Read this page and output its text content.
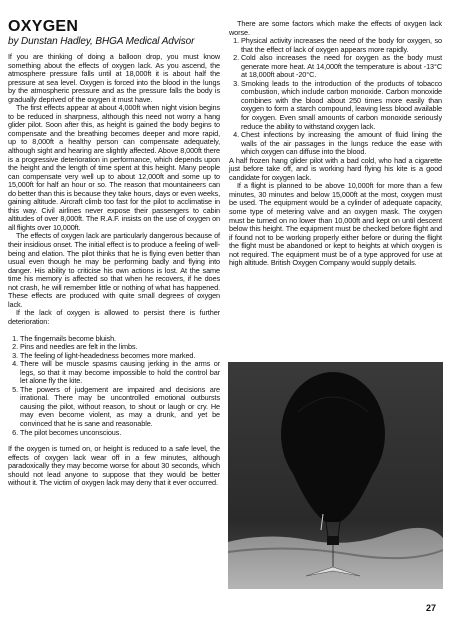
OXYGEN
by Dunstan Hadley, BHGA Medical Advisor

If you are thinking of doing a balloon drop, you must know something about the effects of oxygen lack. As you ascend, the atmosphere pressure falls until at 18,000ft it is about half the pressure at sea level. Oxygen is forced into the blood in the lungs by the atmospheric pressure and as the pressure falls the body is gradually deprived of the oxygen it must have.

The first effects appear at about 4,000ft when night vision begins to be reduced in sharpness, although this need not worry a hang glider pilot. Soon after this, as height is gained the body begins to compensate and the breathing becomes deeper and more rapid, up to 8,000ft a healthy person can compensate adequately, although sight and hearing are slightly affected. Above 8,000ft there is a progressive deterioration in performance, which depends upon the height and the length of time spent at this height. Many people can compensate very well up to about 12,000ft and some up to 15,000ft for half an hour or so. The reason that mountaineers can do better than this is because they take hours, days or even weeks, gaining altitude. Aircraft climb too fast for the pilot to acclimatise in this way. Civil airlines never expose their passengers to cabin altitudes of over 8,000ft. The R.A.F. insists on the use of oxygen on all flights over 10,000ft.

The effects of oxygen lack are particularly dangerous because of their insidious onset. The initial effect is to produce a feeling of well-being and elation. The pilot thinks that he is flying even better than usual even though he may be performing badly and flying into danger. His ability to criticise his own actions is lost. At the same time his memory is affected so that when he recovers, if he does not crash, he will remember little or nothing of what has happened. These effects are produced with quite small degrees of oxygen lack.

If the lack of oxygen is allowed to persist there is further deterioration:

1. The fingernails become bluish.
2. Pins and needles are felt in the limbs.
3. The feeling of light-headedness becomes more marked.
4. There will be muscle spasms causing jerking in the arms or legs, so that it may become impossible to hold the control bar let alone fly the kite.
5. The powers of judgement are impaired and decisions are irrational. There may be uncontrolled emotional outbursts causing the pilot, without reason, to shout or laugh or cry. He may even become violent, as may a drunk, and yet be convinced that he is sane and reasonable.
6. The pilot becomes unconscious.

If the oxygen is turned on, or height is reduced to a safe level, the effects of oxygen lack wear off in a few minutes, although paradoxically they may become worse for about 30 seconds, which should not lead anyone to suppose that they would be better without it. The victim of oxygen lack may deny that it ever occurred.

There are some factors which make the effects of oxygen lack worse.

1. Physical activity increases the need of the body for oxygen, so that the effect of lack of oxygen appears more rapidly.
2. Cold also increases the need for oxygen as the body must generate more heat. At 14,000ft the temperature is about -13°C at 18,000ft about -20°C.
3. Smoking leads to the introduction of the products of tobacco combustion, which include carbon monoxide. Carbon monoxide combines with the blood about 250 times more easily than oxygen to form a starch compound, leaving less blood available for oxygen. Even small amounts of carbon monoxide seriously reduce the ability to withstand oxygen lack.
4. Chest infections by increasing the amount of fluid lining the walls of the air passages in the lungs reduce the ease with which oxygen can diffuse into the blood.

A half frozen hang glider pilot with a bad cold, who had a cigarette just before take off, and is working hard flying his kite is a good candidate for oxygen lack.

If a flight is planned to be above 10,000ft for more than a few minutes, 30 minutes and below 15,000ft at the most, oxygen must be used. The equipment would be a cylinder of adequate capacity, some type of metering valve and an oxygen mask. The oxygen must be turned on no lower than 10,000ft and kept on until descent below this height. The equipment must be checked before flight and if found not to be working properly either before or during the flight the flight must be abandoned or kept to heights at which oxygen is not required. The equipment must be of a type approved for use at high altitude. British Oxygen Company would supply details.

27
